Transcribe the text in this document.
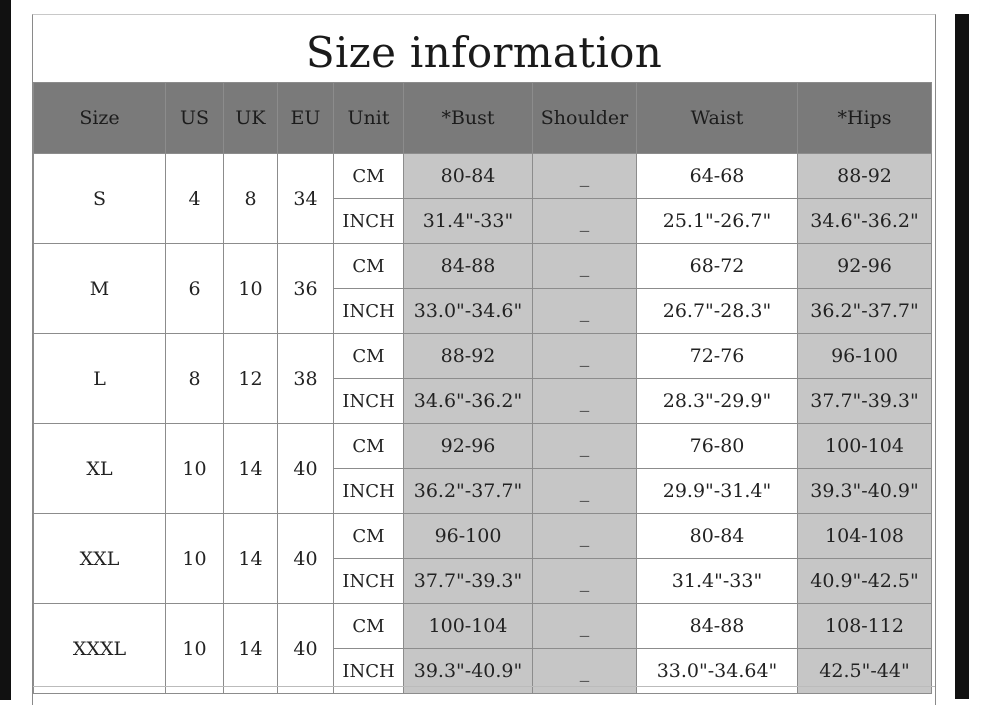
Size information
Size	US	UK	EU	Unit	*Bust	Shoulder	Waist	*Hips
S	4	8	34	CM	80-84	_	64-68	88-92
				INCH	31.4"-33"	_	25.1"-26.7"	34.6"-36.2"
M	6	10	36	CM	84-88	_	68-72	92-96
				INCH	33.0"-34.6"	_	26.7"-28.3"	36.2"-37.7"
L	8	12	38	CM	88-92	_	72-76	96-100
				INCH	34.6"-36.2"	_	28.3"-29.9"	37.7"-39.3"
XL	10	14	40	CM	92-96	_	76-80	100-104
				INCH	36.2"-37.7"	_	29.9"-31.4"	39.3"-40.9"
XXL	10	14	40	CM	96-100	_	80-84	104-108
				INCH	37.7"-39.3"	_	31.4"-33"	40.9"-42.5"
XXXL	10	14	40	CM	100-104	_	84-88	108-112
				INCH	39.3"-40.9"	_	33.0"-34.64"	42.5"-44"
